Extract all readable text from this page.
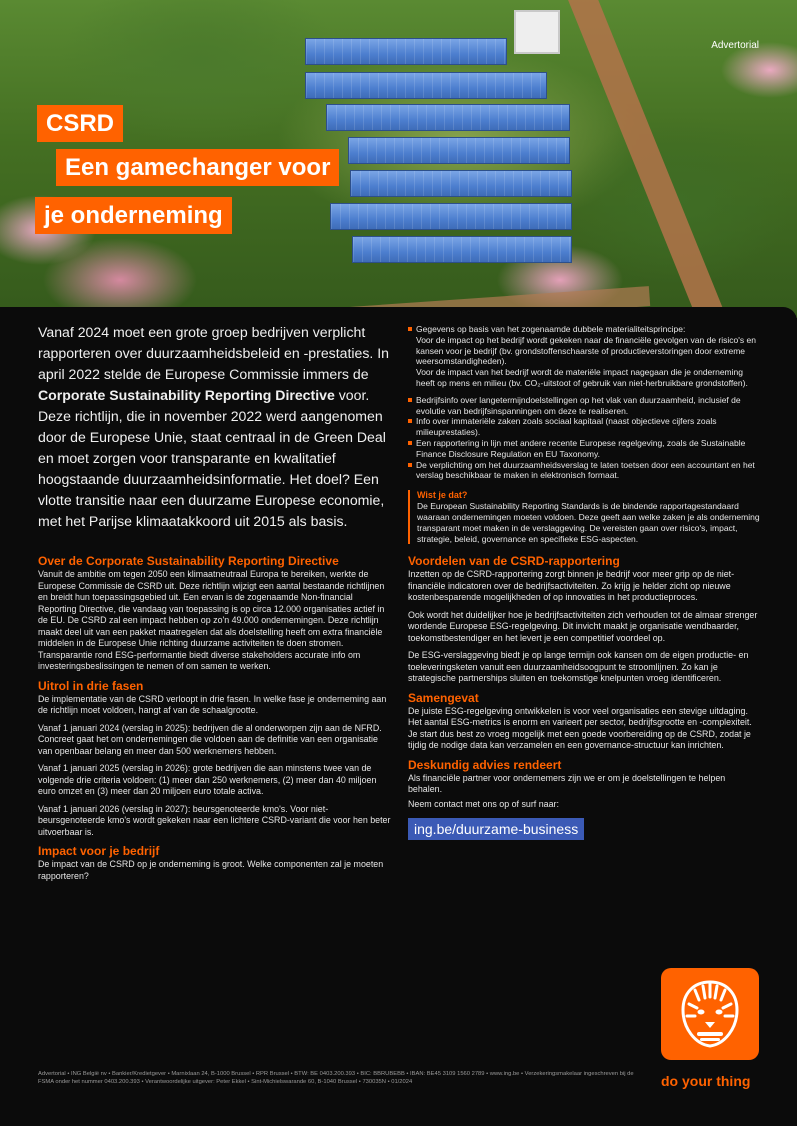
Advertorial
CSRD
Een gamechanger voor
je onderneming

Vanaf 2024 moet een grote groep bedrijven verplicht rapporteren over duurzaamheidsbeleid en -prestaties. In april 2022 stelde de Europese Commissie immers de Corporate Sustainability Reporting Directive voor. Deze richtlijn, die in november 2022 werd aangenomen door de Europese Unie, staat centraal in de Green Deal en moet zorgen voor transparante en kwalitatief hoogstaande duurzaamheidsinformatie. Het doel? Een vlotte transitie naar een duurzame Europese economie, met het Parijse klimaatakkoord uit 2015 als basis.

Over de Corporate Sustainability Reporting Directive

Vanuit de ambitie om tegen 2050 een klimaatneutraal Europa te bereiken, werkte de Europese Commissie de CSRD uit. Deze richtlijn wijzigt een aantal bestaande richtlijnen en breidt hun toepassingsgebied uit. Een ervan is de zogenaamde Non-financial Reporting Directive, die vandaag van toepassing is op circa 12.000 organisaties actief in de EU. De CSRD zal een impact hebben op zo'n 49.000 ondernemingen. Deze richtlijn maakt deel uit van een pakket maatregelen dat als doelstelling heeft om extra financiële middelen in de Europese Unie richting duurzame activiteiten te doen stromen. Transparantie rond ESG-performantie biedt diverse stakeholders accurate info om investeringsbeslissingen te nemen of om samen te werken.

Uitrol in drie fasen

De implementatie van de CSRD verloopt in drie fasen. In welke fase je onderneming aan de richtlijn moet voldoen, hangt af van de schaalgrootte.

Vanaf 1 januari 2024 (verslag in 2025): bedrijven die al onderworpen zijn aan de NFRD. Concreet gaat het om ondernemingen die voldoen aan de definitie van een organisatie van openbaar belang en meer dan 500 werknemers hebben.

Vanaf 1 januari 2025 (verslag in 2026): grote bedrijven die aan minstens twee van de volgende drie criteria voldoen: (1) meer dan 250 werknemers, (2) meer dan 40 miljoen euro omzet en (3) meer dan 20 miljoen euro totale activa.

Vanaf 1 januari 2026 (verslag in 2027): beursgenoteerde kmo's. Voor niet-beursgenoteerde kmo's wordt gekeken naar een lichtere CSRD-variant die voor hen beter uitvoerbaar is.

Impact voor je bedrijf

De impact van de CSRD op je onderneming is groot. Welke componenten zal je moeten rapporteren?

Gegevens op basis van het zogenaamde dubbele materialiteitsprincipe:
Voor de impact op het bedrijf wordt gekeken naar de financiële gevolgen van de risico's en kansen voor je bedrijf (bv. grondstoffenschaarste of productieverstoringen door extreme weersomstandigheden).
Voor de impact van het bedrijf wordt de materiële impact nagegaan die je onderneming heeft op mens en milieu (bv. CO₂-uitstoot of gebruik van niet-herbruikbare grondstoffen).
Bedrijfsinfo over langetermijndoelstellingen op het vlak van duurzaamheid, inclusief de evolutie van bedrijfsinspanningen om deze te realiseren.
Info over immateriële zaken zoals sociaal kapitaal (naast objectieve cijfers zoals milieuprestaties).
Een rapportering in lijn met andere recente Europese regelgeving, zoals de Sustainable Finance Disclosure Regulation en EU Taxonomy.
De verplichting om het duurzaamheidsverslag te laten toetsen door een accountant en het verslag beschikbaar te maken in elektronisch formaat.
Wist je dat?
De European Sustainability Reporting Standards is de bindende rapportagestandaard waaraan ondernemingen moeten voldoen. Deze geeft aan welke zaken je als onderneming transparant moet maken in de verslaggeving. De vereisten gaan over risico's, impact, strategie, beleid, governance en specifieke ESG-aspecten.
Voordelen van de CSRD-rapportering

Inzetten op de CSRD-rapportering zorgt binnen je bedrijf voor meer grip op de niet-financiële indicatoren over de bedrijfsactiviteiten. Zo krijg je helder zicht op nieuwe kostenbesparende mogelijkheden of op innovaties in het productieproces.

Ook wordt het duidelijker hoe je bedrijfsactiviteiten zich verhouden tot de almaar strenger wordende Europese ESG-regelgeving. Dit invicht maakt je organisatie wendbaarder, toekomstbestendiger en het levert je een competitief voordeel op.

De ESG-verslaggeving biedt je op lange termijn ook kansen om de eigen productie- en toeleveringsketen vanuit een duurzaamheidsoogpunt te stroomlijnen. Zo kan je strategische partnerships sluiten en toekomstige knelpunten vroeg identificeren.

Samengevat

De juiste ESG-regelgeving ontwikkelen is voor veel organisaties een stevige uitdaging. Het aantal ESG-metrics is enorm en varieert per sector, bedrijfsgrootte en -complexiteit. Je start dus best zo vroeg mogelijk met een goede voorbereiding op de CSRD, zodat je tijdig de nodige data kan verzamelen en een governance-structuur kan inrichten.

Deskundig advies rendeert

Als financiële partner voor ondernemers zijn we er om je doelstellingen te helpen behalen.

Neem contact met ons op of surf naar:

ing.be/duurzame-business
Advertorial • ING België nv • Bankier/Kredietgever • Marnixlaan 24, B-1000 Brussel • RPR Brussel • BTW: BE 0403.200.393 • BIC: BBRUBEBB • IBAN: BE45 3109 1560 2789 • www.ing.be • Verzekeringsmakelaar ingeschreven bij de FSMA onder het nummer 0403.200.393 • Verantwoordelijke uitgever: Peter Ekkel • Sint-Michielswarande 60, B-1040 Brussel • 730035N • 01/2024	do your thing
